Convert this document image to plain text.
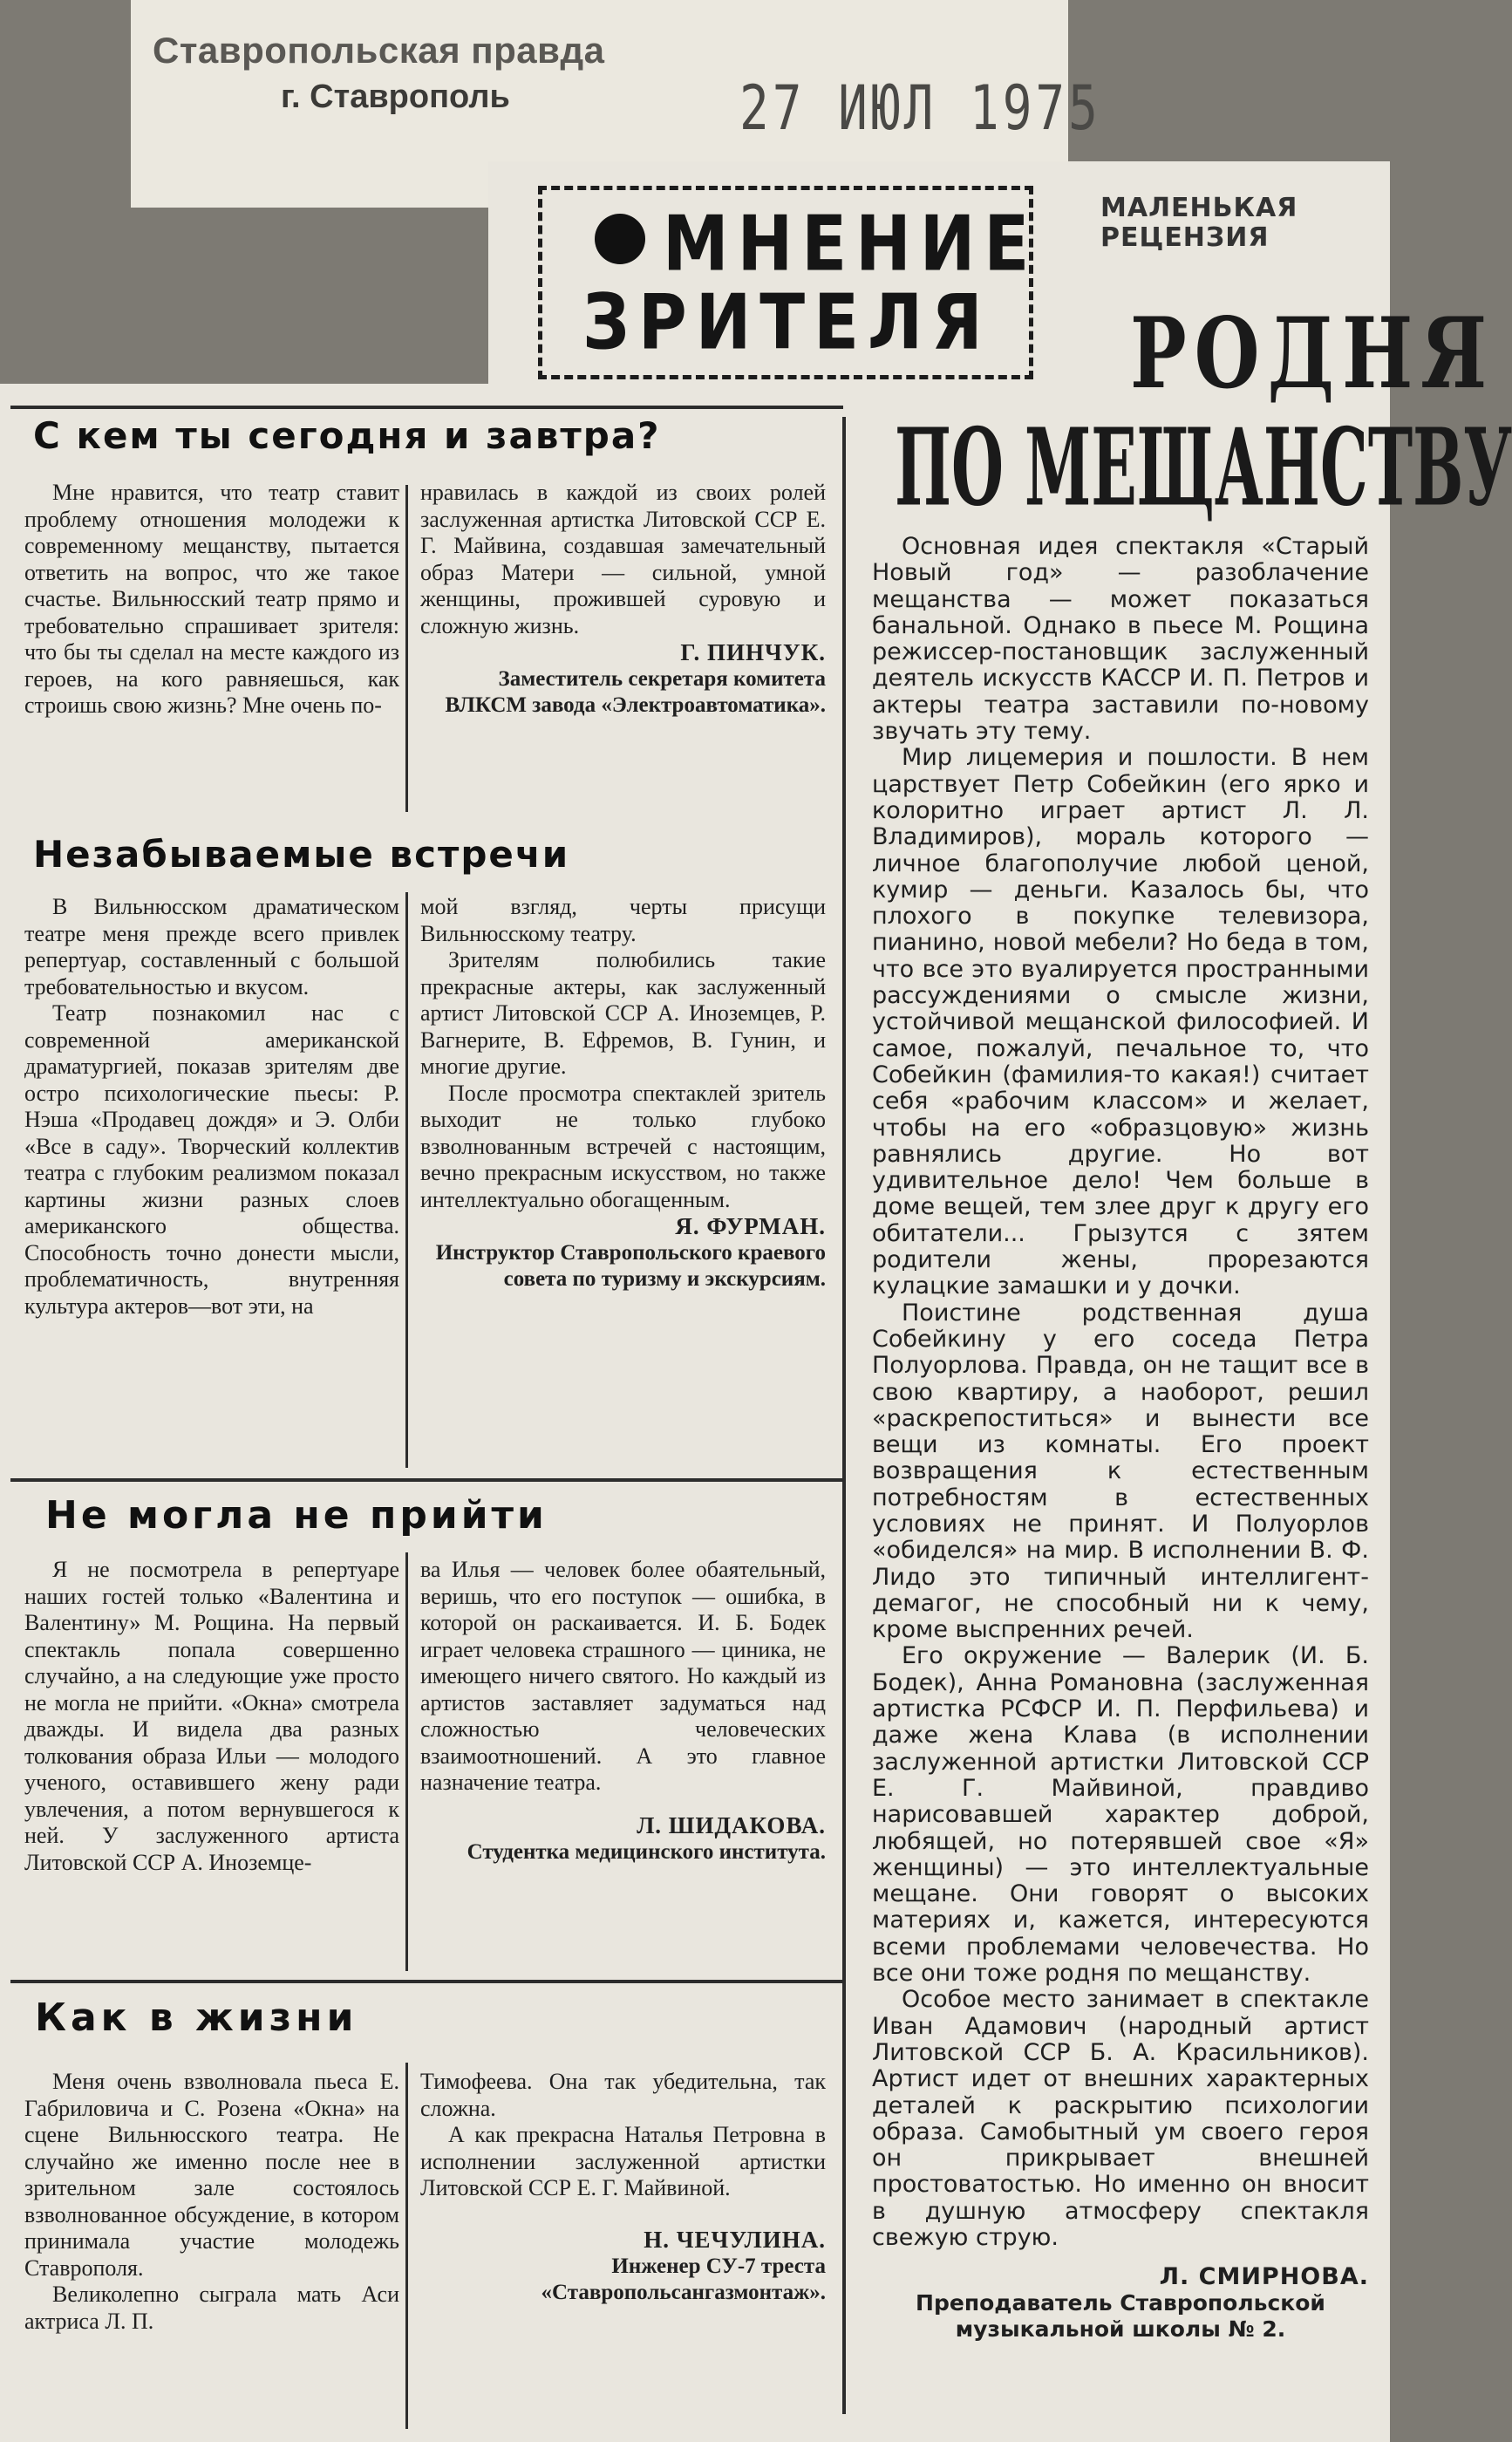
Ставропольская правда
г. Ставрополь	27 ИЮЛ 1975
МНЕНИЕ
ЗРИТЕЛЯ
МАЛЕНЬКАЯ
РЕЦЕНЗИЯ
РОДНЯ
ПО МЕЩАНСТВУ
С кем ты сегодня и завтра?

Мне нравится, что театр ставит проблему отношения молодежи к современному мещанству, пытается ответить на вопрос, что же такое счастье. Вильнюсский театр прямо и требовательно спрашивает зрителя: что бы ты сделал на месте каждого из героев, на кого равняешься, как строишь свою жизнь? Мне очень по-

нравилась в каждой из своих ролей заслуженная артистка Литовской ССР Е. Г. Майвина, создавшая замечательный образ Матери — сильной, умной женщины, прожившей суровую и сложную жизнь.

Г. ПИНЧУК.
Заместитель секретаря комитета ВЛКСМ завода «Электроавтоматика».
Незабываемые встречи

В Вильнюсском драматическом театре меня прежде всего привлек репертуар, составленный с большой требовательностью и вкусом.

Театр познакомил нас с современной американской драматургией, показав зрителям две остро психологические пьесы: Р. Нэша «Продавец дождя» и Э. Олби «Все в саду». Творческий коллектив театра с глубоким реализмом показал картины жизни разных слоев американского общества. Способность точно донести мысли, проблематичность, внутренняя культура актеров—вот эти, на

мой взгляд, черты присущи Вильнюсскому театру.

Зрителям полюбились такие прекрасные актеры, как заслуженный артист Литовской ССР А. Иноземцев, Р. Вагнерите, В. Ефремов, В. Гунин, и многие другие.

После просмотра спектаклей зритель выходит не только глубоко взволнованным встречей с настоящим, вечно прекрасным искусством, но также интеллектуально обогащенным.

Я. ФУРМАН.
Инструктор Ставропольского краевого совета по туризму и экскурсиям.
Не могла не прийти

Я не посмотрела в репертуаре наших гостей только «Валентина и Валентину» М. Рощина. На первый спектакль попала совершенно случайно, а на следующие уже просто не могла не прийти. «Окна» смотрела дважды. И видела два разных толкования образа Ильи — молодого ученого, оставившего жену ради увлечения, а потом вернувшегося к ней. У заслуженного артиста Литовской ССР А. Иноземце-

ва Илья — человек более обаятельный, веришь, что его поступок — ошибка, в которой он раскаивается. И. Б. Бодек играет человека страшного — циника, не имеющего ничего святого. Но каждый из артистов заставляет задуматься над сложностью человеческих взаимоотношений. А это главное назначение театра.

Л. ШИДАКОВА.
Студентка медицинского института.
Как в жизни

Меня очень взволновала пьеса Е. Габриловича и С. Розена «Окна» на сцене Вильнюсского театра. Не случайно же именно после нее в зрительном зале состоялось взволнованное обсуждение, в котором принимала участие молодежь Ставрополя.

Великолепно сыграла мать Аси актриса Л. П.

Тимофеева. Она так убедительна, так сложна.

А как прекрасна Наталья Петровна в исполнении заслуженной артистки Литовской ССР Е. Г. Майвиной.

Н. ЧЕЧУЛИНА.
Инженер СУ-7 треста «Ставропольсангазмонтаж».

Основная идея спектакля «Старый Новый год» — разоблачение мещанства — может показаться банальной. Однако в пьесе М. Рощина режиссер-постановщик заслуженный деятель искусств КАССР И. П. Петров и актеры театра заставили по-новому звучать эту тему.

Мир лицемерия и пошлости. В нем царствует Петр Собейкин (его ярко и колоритно играет артист Л. Л. Владимиров), мораль которого — личное благополучие любой ценой, кумир — деньги. Казалось бы, что плохого в покупке телевизора, пианино, новой мебели? Но беда в том, что все это вуалируется пространными рассуждениями о смысле жизни, устойчивой мещанской философией. И самое, пожалуй, печальное то, что Собейкин (фамилия-то какая!) считает себя «рабочим классом» и желает, чтобы на его «образцовую» жизнь равнялись другие. Но вот удивительное дело! Чем больше в доме вещей, тем злее друг к другу его обитатели... Грызутся с зятем родители жены, прорезаются кулацкие замашки и у дочки.

Поистине родственная душа Собейкину у его соседа Петра Полуорлова. Правда, он не тащит все в свою квартиру, а наоборот, решил «раскрепоститься» и вынести все вещи из комнаты. Его проект возвращения к естественным потребностям в естественных условиях не принят. И Полуорлов «обиделся» на мир. В исполнении В. Ф. Лидо это типичный интеллигент-демагог, не способный ни к чему, кроме выспренних речей.

Его окружение — Валерик (И. Б. Бодек), Анна Романовна (заслуженная артистка РСФСР И. П. Перфильева) и даже жена Клава (в исполнении заслуженной артистки Литовской ССР Е. Г. Майвиной, правдиво нарисовавшей характер доброй, любящей, но потерявшей свое «Я» женщины) — это интеллектуальные мещане. Они говорят о высоких материях и, кажется, интересуются всеми проблемами человечества. Но все они тоже родня по мещанству.

Особое место занимает в спектакле Иван Адамович (народный артист Литовской ССР Б. А. Красильников). Артист идет от внешних характерных деталей к раскрытию психологии образа. Самобытный ум своего героя он прикрывает внешней простоватостью. Но именно он вносит в душную атмосферу спектакля свежую струю.

Л. СМИРНОВА.
Преподаватель Ставропольской музыкальной школы № 2.
